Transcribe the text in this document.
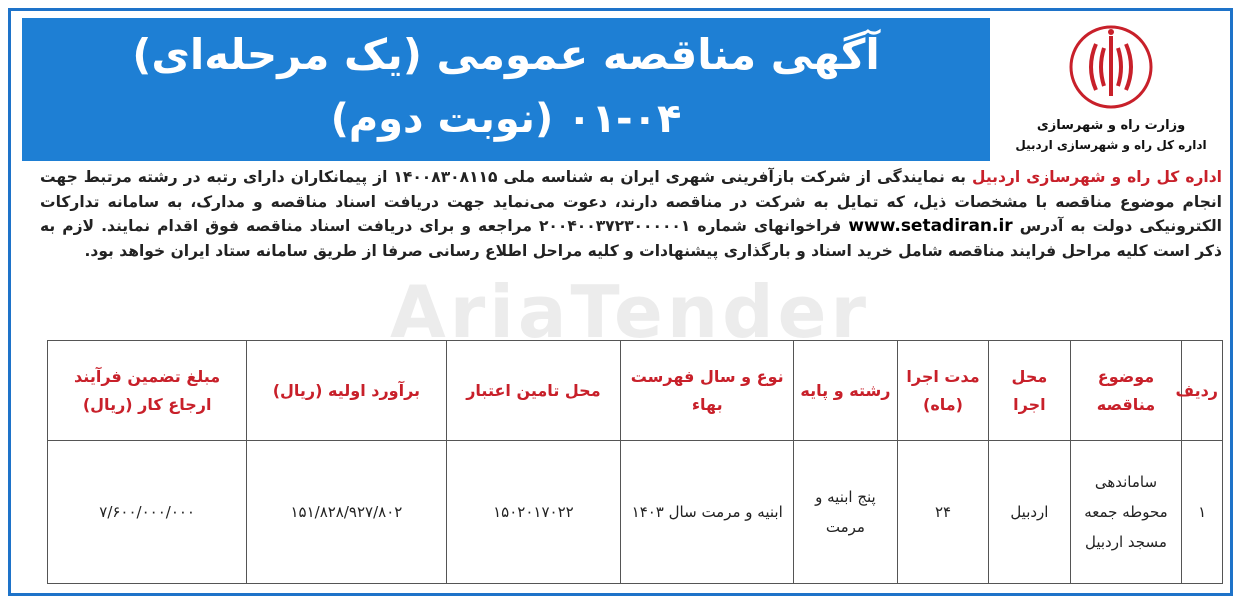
آگهی مناقصه عمومی (یک مرحله‌ای)
۰۱-۰۴ (نوبت دوم)	وزارت راه و شهرسازی
اداره کل راه و شهرسازی اردبیل
AriaTender
اداره کل راه و شهرسازی اردبیل به نمایندگی از شرکت بازآفرینی شهری ایران به شناسه ملی ۱۴۰۰۸۳۰۸۱۱۵ از پیمانکاران دارای رتبه در رشته مرتبط جهت انجام موضوع مناقصه با مشخصات ذیل، که تمایل به شرکت در مناقصه دارند، دعوت می‌نماید جهت دریافت اسناد مناقصه و مدارک، به سامانه تدارکات الکترونیکی دولت به آدرس www.setadiran.ir فراخوانهای شماره ۲۰۰۴۰۰۳۷۲۳۰۰۰۰۰۱ مراجعه و برای دریافت اسناد مناقصه فوق اقدام نمایند. لازم به ذکر است کلیه مراحل فرایند مناقصه شامل خرید اسناد و بارگذاری پیشنهادات و کلیه مراحل اطلاع رسانی صرفا از طریق سامانه ستاد ایران خواهد بود.
ردیف	موضوع مناقصه	محل اجرا	مدت اجرا (ماه)	رشته و پایه	نوع و سال فهرست بهاء	محل تامین اعتبار	برآورد اولیه (ریال)	مبلغ تضمین فرآیند ارجاع کار (ریال)
۱	ساماندهی محوطه جمعه مسجد اردبیل	اردبیل	۲۴	پنج ابنیه و مرمت	ابنیه و مرمت سال ۱۴۰۳	۱۵۰۲۰۱۷۰۲۲	۱۵۱/۸۲۸/۹۲۷/۸۰۲	۷/۶۰۰/۰۰۰/۰۰۰
